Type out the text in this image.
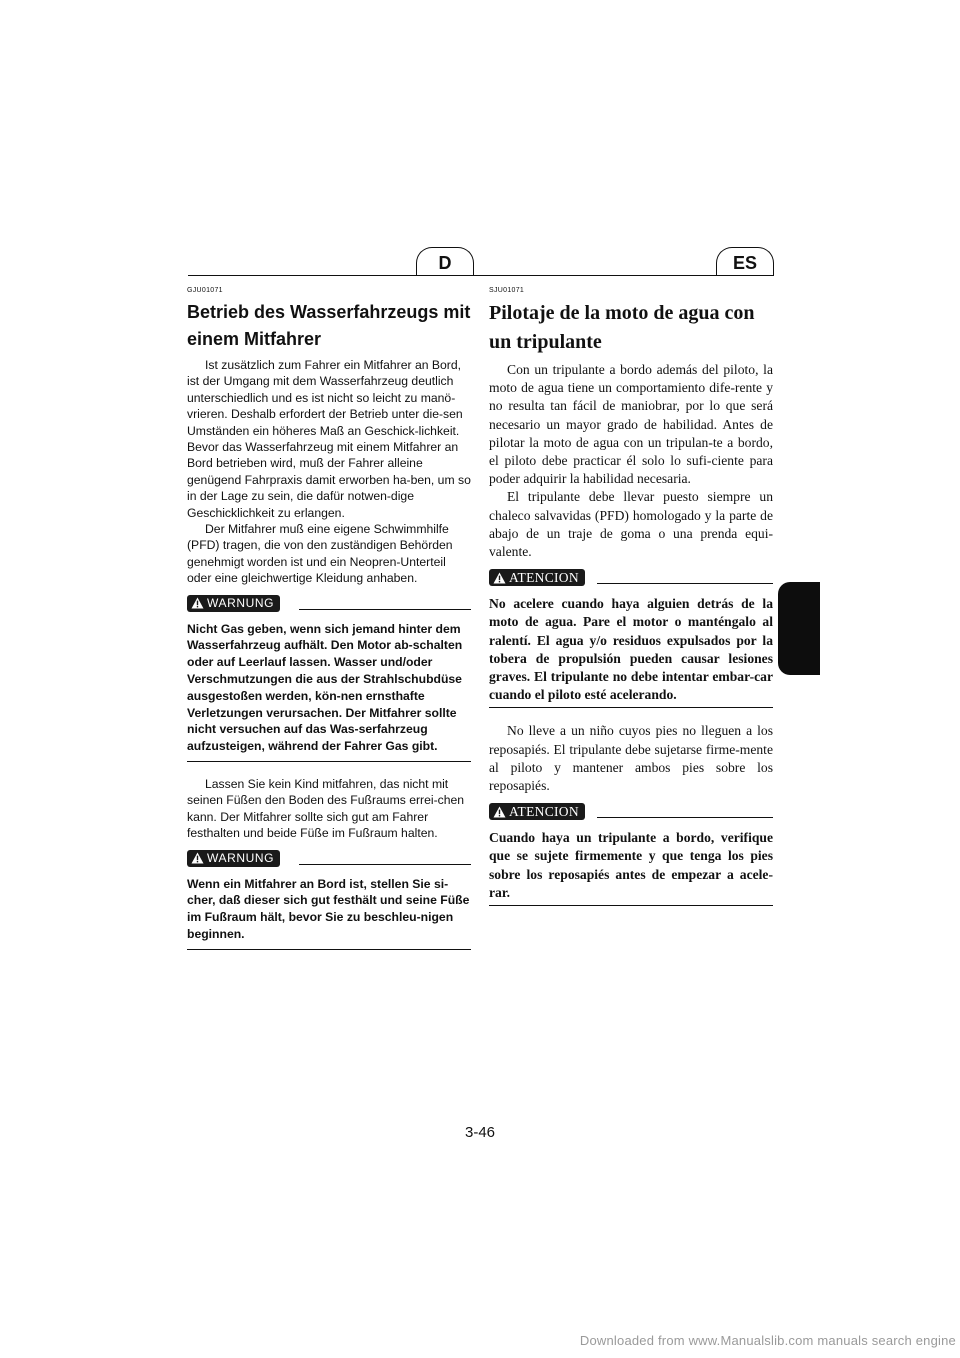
D	ES

GJU01071

Betrieb des Wasserfahrzeugs mit einem Mitfahrer

Ist zusätzlich zum Fahrer ein Mitfahrer an Bord, ist der Umgang mit dem Wasserfahrzeug deutlich unterschiedlich und es ist nicht so leicht zu manö-vrieren. Deshalb erfordert der Betrieb unter die-sen Umständen ein höheres Maß an Geschick-lichkeit. Bevor das Wasserfahrzeug mit einem Mitfahrer an Bord betrieben wird, muß der Fahrer alleine genügend Fahrpraxis damit erworben ha-ben, um so in der Lage zu sein, die dafür notwen-dige Geschicklichkeit zu erlangen.

Der Mitfahrer muß eine eigene Schwimmhilfe (PFD) tragen, die von den zuständigen Behörden genehmigt worden ist und ein Neopren-Unterteil oder eine gleichwertige Kleidung anhaben.

WARNUNG

Nicht Gas geben, wenn sich jemand hinter dem Wasserfahrzeug aufhält. Den Motor ab-schalten oder auf Leerlauf lassen. Wasser und/oder Verschmutzungen die aus der Strahlschubdüse ausgestoßen werden, kön-nen ernsthafte Verletzungen verursachen. Der Mitfahrer sollte nicht versuchen auf das Was-serfahrzeug aufzusteigen, während der Fahrer Gas gibt.

Lassen Sie kein Kind mitfahren, das nicht mit seinen Füßen den Boden des Fußraums errei-chen kann. Der Mitfahrer sollte sich gut am Fahrer festhalten und beide Füße im Fußraum halten.

WARNUNG

Wenn ein Mitfahrer an Bord ist, stellen Sie si-cher, daß dieser sich gut festhält und seine Füße im Fußraum hält, bevor Sie zu beschleu-nigen beginnen.

SJU01071

Pilotaje de la moto de agua con un tripulante

Con un tripulante a bordo además del piloto, la moto de agua tiene un comportamiento dife-rente y no resulta tan fácil de maniobrar, por lo que será necesario un mayor grado de habilidad. Antes de pilotar la moto de agua con un tripulan-te a bordo, el piloto debe practicar él solo lo sufi-ciente para poder adquirir la habilidad necesaria.

El tripulante debe llevar puesto siempre un chaleco salvavidas (PFD) homologado y la parte de abajo de un traje de goma o una prenda equi-valente.

ATENCION

No acelere cuando haya alguien detrás de la moto de agua. Pare el motor o manténgalo al ralentí. El agua y/o residuos expulsados por la tobera de propulsión pueden causar lesiones graves. El tripulante no debe intentar embar-car cuando el piloto esté acelerando.

No lleve a un niño cuyos pies no lleguen a los reposapiés. El tripulante debe sujetarse firme-mente al piloto y mantener ambos pies sobre los reposapiés.

ATENCION

Cuando haya un tripulante a bordo, verifique que se sujete firmemente y que tenga los pies sobre los reposapiés antes de empezar a acele-rar.

3-46
Downloaded from www.Manualslib.com manuals search engine
